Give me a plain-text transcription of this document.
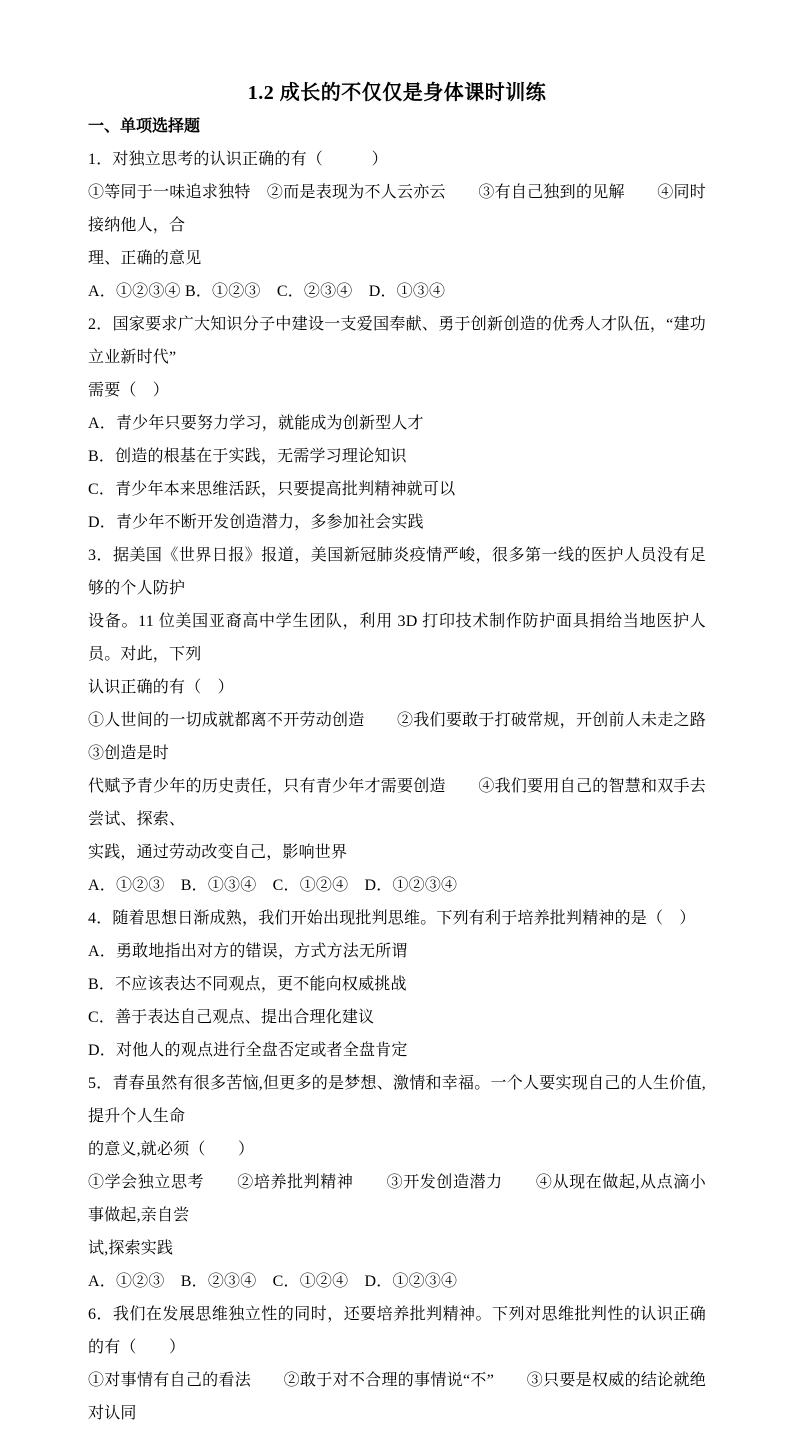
1.2 成长的不仅仅是身体课时训练
一、单项选择题

1．对独立思考的认识正确的有（　　　）

①等同于一味追求独特　②而是表现为不人云亦云　　③有自己独到的见解　　④同时接纳他人，合

理、正确的意见

A．①②③④ B．①②③　C．②③④　D．①③④

2．国家要求广大知识分子中建设一支爱国奉献、勇于创新创造的优秀人才队伍，“建功立业新时代”

需要（　）

A．青少年只要努力学习，就能成为创新型人才

B．创造的根基在于实践，无需学习理论知识

C．青少年本来思维活跃，只要提高批判精神就可以

D．青少年不断开发创造潜力，多参加社会实践

3．据美国《世界日报》报道，美国新冠肺炎疫情严峻，很多第一线的医护人员没有足够的个人防护

设备。11 位美国亚裔高中学生团队，利用 3D 打印技术制作防护面具捐给当地医护人员。对此，下列

认识正确的有（　）

①人世间的一切成就都离不开劳动创造　　②我们要敢于打破常规，开创前人未走之路　　③创造是时

代赋予青少年的历史责任，只有青少年才需要创造　　④我们要用自己的智慧和双手去尝试、探索、

实践，通过劳动改变自己，影响世界

A．①②③　B．①③④　C．①②④　D．①②③④

4．随着思想日渐成熟，我们开始出现批判思维。下列有利于培养批判精神的是（　）

A．勇敢地指出对方的错误，方式方法无所谓

B．不应该表达不同观点，更不能向权威挑战

C．善于表达自己观点、提出合理化建议

D．对他人的观点进行全盘否定或者全盘肯定

5．青春虽然有很多苦恼,但更多的是梦想、激情和幸福。一个人要实现自己的人生价值,提升个人生命

的意义,就必须（　　）

①学会独立思考　　②培养批判精神　　③开发创造潜力　　④从现在做起,从点滴小事做起,亲自尝

试,探索实践

A．①②③　B．②③④　C．①②④　D．①②③④

6．我们在发展思维独立性的同时，还要培养批判精神。下列对思维批判性的认识正确的有（　　）

①对事情有自己的看法　　②敢于对不合理的事情说“不”　　③只要是权威的结论就绝对认同
